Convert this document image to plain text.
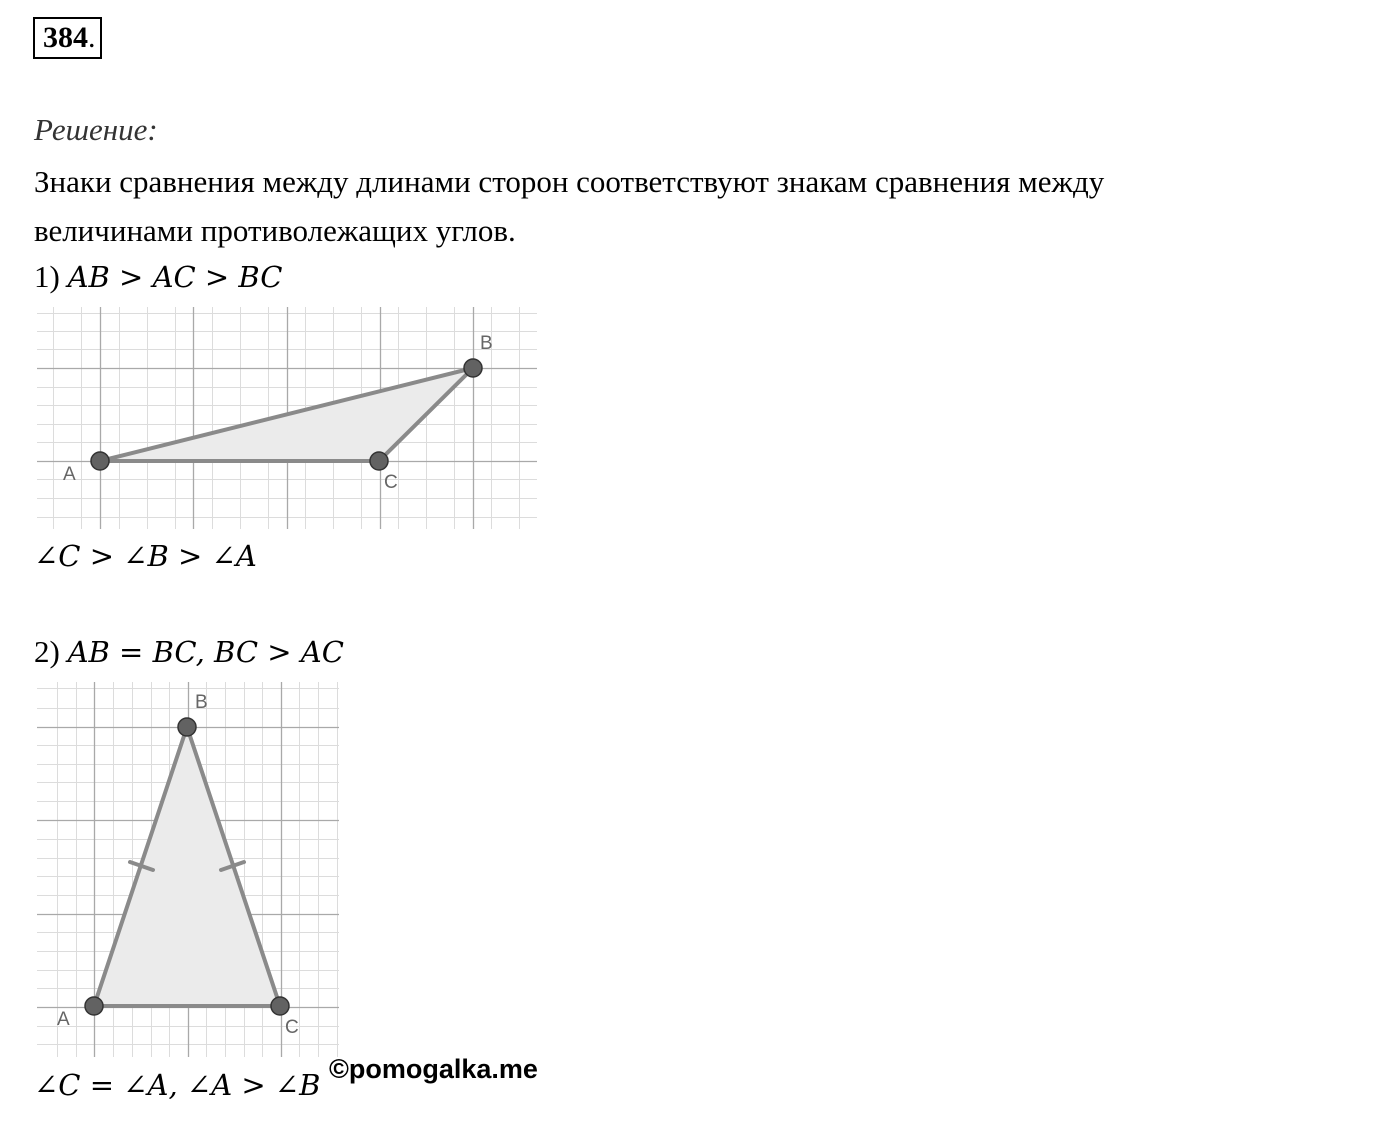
384.
Решение:
Знаки сравнения между длинами сторон соответствуют знакам сравнения между
величинами противолежащих углов.
1) AB > AC > BC
A
B
C
∠C > ∠B > ∠A
2) AB = BC, BC > AC
A
B
C
∠C = ∠A, ∠A > ∠B ©pomogalka.me
